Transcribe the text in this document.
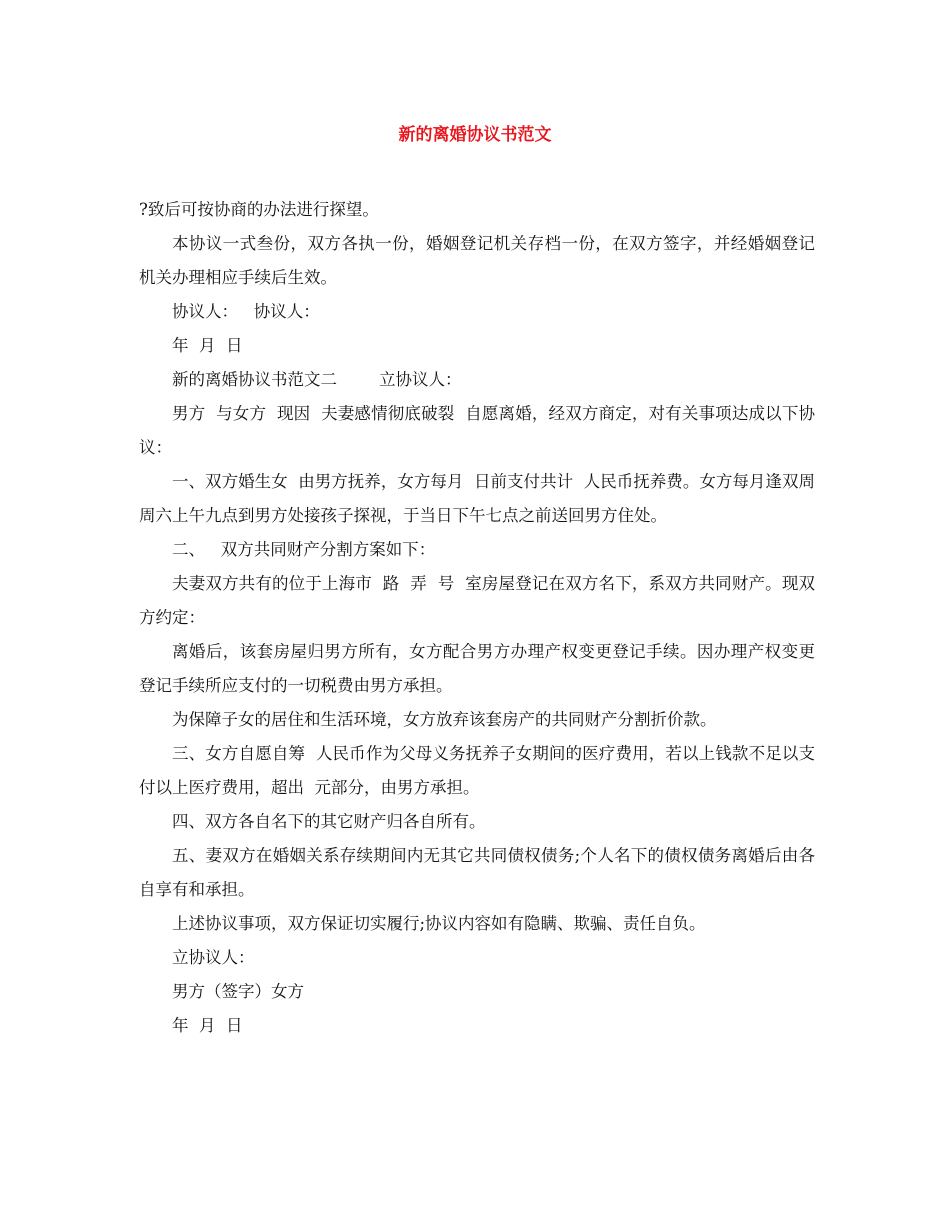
新的离婚协议书范文

?致后可按协商的办法进行探望。

本协议一式叁份，双方各执一份，婚姻登记机关存档一份，在双方签字，并经婚姻登记机关办理相应手续后生效。

协议人：   协议人：

年  月  日

新的离婚协议书范文二        立协议人：

男方  与女方  现因  夫妻感情彻底破裂  自愿离婚，经双方商定，对有关事项达成以下协议：

一、双方婚生女  由男方抚养，女方每月  日前支付共计  人民币抚养费。女方每月逢双周周六上午九点到男方处接孩子探视，于当日下午七点之前送回男方住处。

二、   双方共同财产分割方案如下：

夫妻双方共有的位于上海市  路  弄  号  室房屋登记在双方名下，系双方共同财产。现双方约定：

离婚后，该套房屋归男方所有，女方配合男方办理产权变更登记手续。因办理产权变更登记手续所应支付的一切税费由男方承担。

为保障子女的居住和生活环境，女方放弃该套房产的共同财产分割折价款。

三、女方自愿自筹  人民币作为父母义务抚养子女期间的医疗费用，若以上钱款不足以支付以上医疗费用，超出  元部分，由男方承担。

四、双方各自名下的其它财产归各自所有。

五、妻双方在婚姻关系存续期间内无其它共同债权债务;个人名下的债权债务离婚后由各自享有和承担。

上述协议事项，双方保证切实履行;协议内容如有隐瞒、欺骗、责任自负。

立协议人：

男方（签字）女方

年  月  日
